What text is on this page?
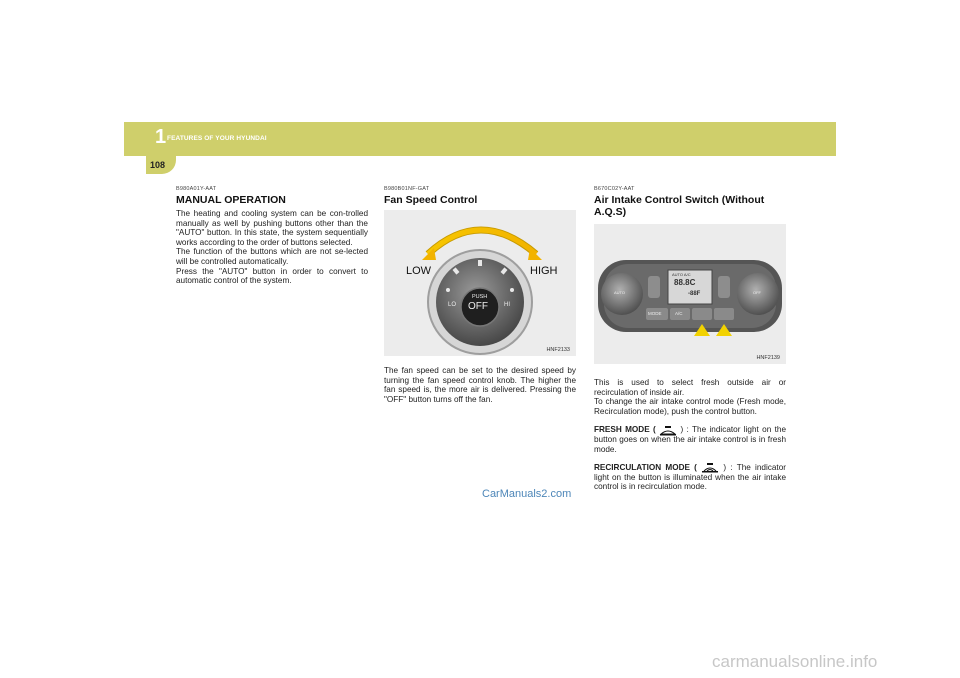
1 FEATURES OF YOUR HYUNDAI
108
B980A01Y-AAT
MANUAL OPERATION

The heating and cooling system can be con-trolled manually as well by pushing buttons other than the "AUTO" button. In this state, the system sequentially works according to the order of buttons selected.
The function of the buttons which are not se-lected will be controlled automatically.
Press the "AUTO" button in order to convert to automatic control of the system.

B980B01NF-GAT
Fan Speed Control
LOW	HIGH
LO	HI
PUSH
OFF
HNF2133

The fan speed can be set to the desired speed by turning the fan speed control knob. The higher the fan speed is, the more air is delivered. Pressing the "OFF" button turns off the fan.

B670C02Y-AAT
Air Intake Control Switch (Without A.Q.S)
AUTO A/C
88.8C
-88F
MODE	A/C
AUTO	OFF
HNF2139

This is used to select fresh outside air or recirculation of inside air.
To change the air intake control mode (Fresh mode, Recirculation mode), push the control button.

FRESH MODE (	) : The indicator light on the button goes on when the air intake control is in fresh mode.

RECIRCULATION MODE (	) : The indicator light on the button is illuminated when the air intake control is in recirculation mode.

CarManuals2.com
carmanualsonline.info
